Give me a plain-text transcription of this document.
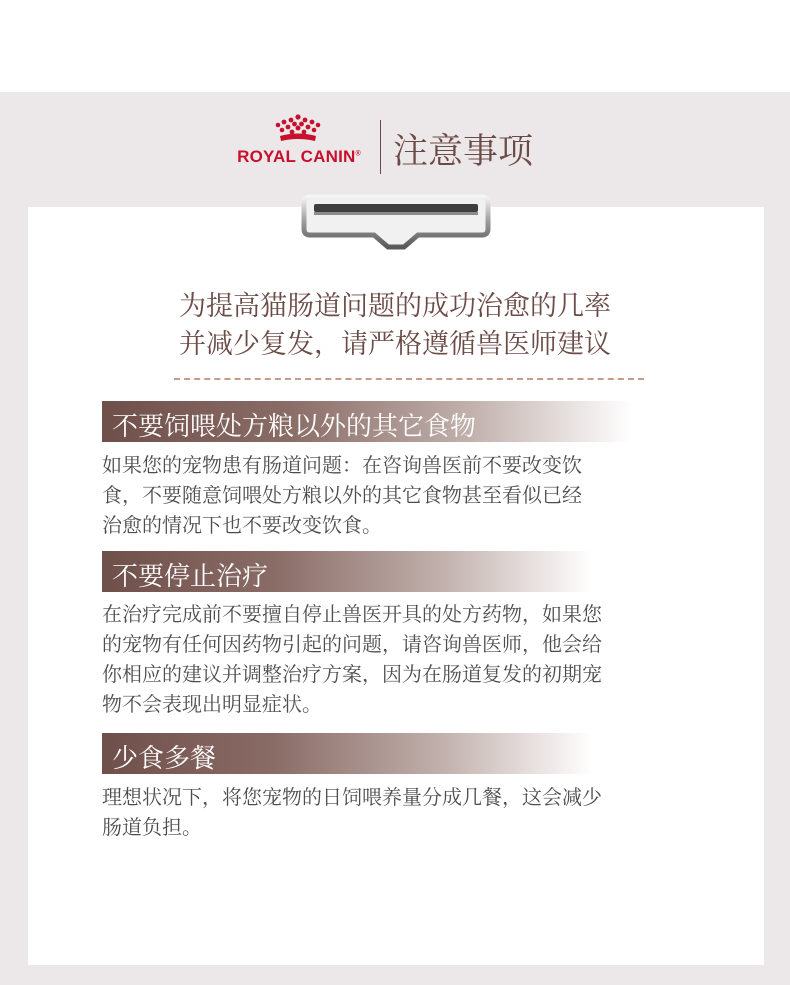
ROYAL CANIN® 注意事项
为提高猫肠道问题的成功治愈的几率
并减少复发，请严格遵循兽医师建议
不要饲喂处方粮以外的其它食物
如果您的宠物患有肠道问题：在咨询兽医前不要改变饮
食，不要随意饲喂处方粮以外的其它食物甚至看似已经
治愈的情况下也不要改变饮食。
不要停止治疗
在治疗完成前不要擅自停止兽医开具的处方药物，如果您
的宠物有任何因药物引起的问题，请咨询兽医师，他会给
你相应的建议并调整治疗方案，因为在肠道复发的初期宠
物不会表现出明显症状。
少食多餐
理想状况下，将您宠物的日饲喂养量分成几餐，这会减少
肠道负担。
